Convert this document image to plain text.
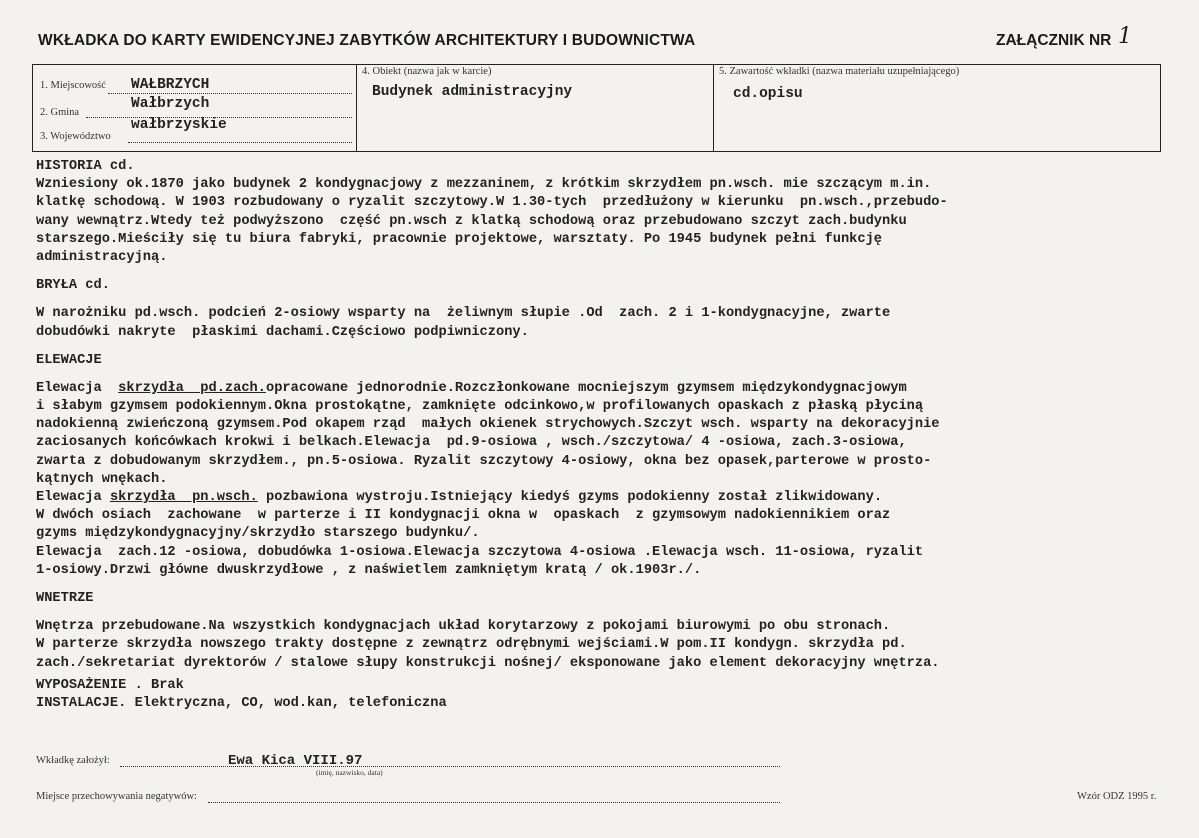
WKŁADKA DO KARTY EWIDENCYJNEJ ZABYTKÓW ARCHITEKTURY I BUDOWNICTWA	ZAŁĄCZNIK NR 1
1. Miejscowość WAŁBRZYCH
2. Gmina
Wałbrzych
3. Województwo
wałbrzyskie
4. Obiekt (nazwa jak w karcie)
Budynek administracyjny
5. Zawartość wkładki (nazwa materiału uzupełniającego)
cd.opisu
HISTORIA cd.
Wzniesiony ok.1870 jako budynek 2 kondygnacjowy z mezzaninem, z krótkim skrzydłem pn.wsch. mie szczącym m.in.
klatkę schodową. W 1903 rozbudowany o ryzalit szczytowy.W 1.30-tych  przedłużony w kierunku  pn.wsch.,przebudo-
wany wewnątrz.Wtedy też podwyższono  część pn.wsch z klatką schodową oraz przebudowano szczyt zach.budynku
starszego.Mieściły się tu biura fabryki, pracownie projektowe, warsztaty. Po 1945 budynek pełni funkcję
administracyjną.
BRYŁA cd.
W narożniku pd.wsch. podcień 2-osiowy wsparty na  żeliwnym słupie .Od  zach. 2 i 1-kondygnacyjne, zwarte
dobudówki nakryte  płaskimi dachami.Częściowo podpiwniczony.
ELEWACJE
Elewacja  skrzydła  pd.zach.opracowane jednorodnie.Rozczłonkowane mocniejszym gzymsem międzykondygnacjowym
i słabym gzymsem podokiennym.Okna prostokątne, zamknięte odcinkowo,w profilowanych opaskach z płaską płyciną
nadokienną zwieńczoną gzymsem.Pod okapem rząd  małych okienek strychowych.Szczyt wsch. wsparty na dekoracyjnie
zaciosanych końcówkach krokwi i belkach.Elewacja  pd.9-osiowa , wsch./szczytowa/ 4 -osiowa, zach.3-osiowa,
zwarta z dobudowanym skrzydłem., pn.5-osiowa. Ryzalit szczytowy 4-osiowy, okna bez opasek,parterowe w prosto-
kątnych wnękach.
Elewacja skrzydła  pn.wsch. pozbawiona wystroju.Istniejący kiedyś gzyms podokienny został zlikwidowany.
W dwóch osiach  zachowane  w parterze i II kondygnacji okna w  opaskach  z gzymsowym nadokiennikiem oraz
gzyms międzykondygnacyjny/skrzydło starszego budynku/.
Elewacja  zach.12 -osiowa, dobudówka 1-osiowa.Elewacja szczytowa 4-osiowa .Elewacja wsch. 11-osiowa, ryzalit
1-osiowy.Drzwi główne dwuskrzydłowe , z naświetlem zamkniętym kratą / ok.1903r./.
WNETRZE
Wnętrza przebudowane.Na wszystkich kondygnacjach układ korytarzowy z pokojami biurowymi po obu stronach.
W parterze skrzydła nowszego trakty dostępne z zewnątrz odrębnymi wejściami.W pom.II kondygn. skrzydła pd.
zach./sekretariat dyrektorów / stalowe słupy konstrukcji nośnej/ eksponowane jako element dekoracyjny wnętrza.
WYPOSAŻENIE . Brak
INSTALACJE. Elektryczna, CO, wod.kan, telefoniczna
Wkładkę założył:	Ewa Kica VIII.97
(imię, nazwisko, data)
Miejsce przechowywania negatywów:	Wzór ODZ 1995 r.
